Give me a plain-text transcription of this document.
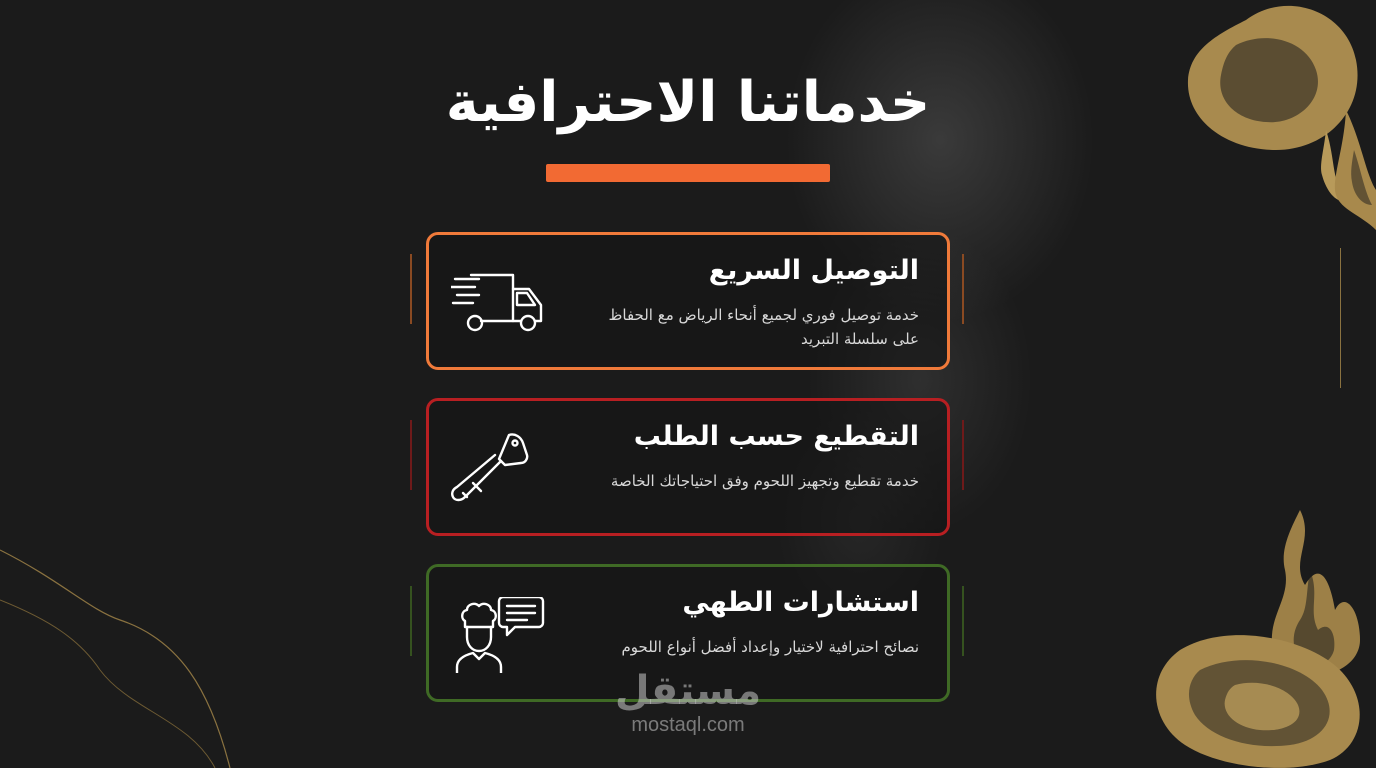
خدماتنا الاحترافية
التوصيل السريع
خدمة توصيل فوري لجميع أنحاء الرياض مع الحفاظ على سلسلة التبريد
التقطيع حسب الطلب
خدمة تقطيع وتجهيز اللحوم وفق احتياجاتك الخاصة
استشارات الطهي
نصائح احترافية لاختيار وإعداد أفضل أنواع اللحوم
مستقل
mostaql.com
